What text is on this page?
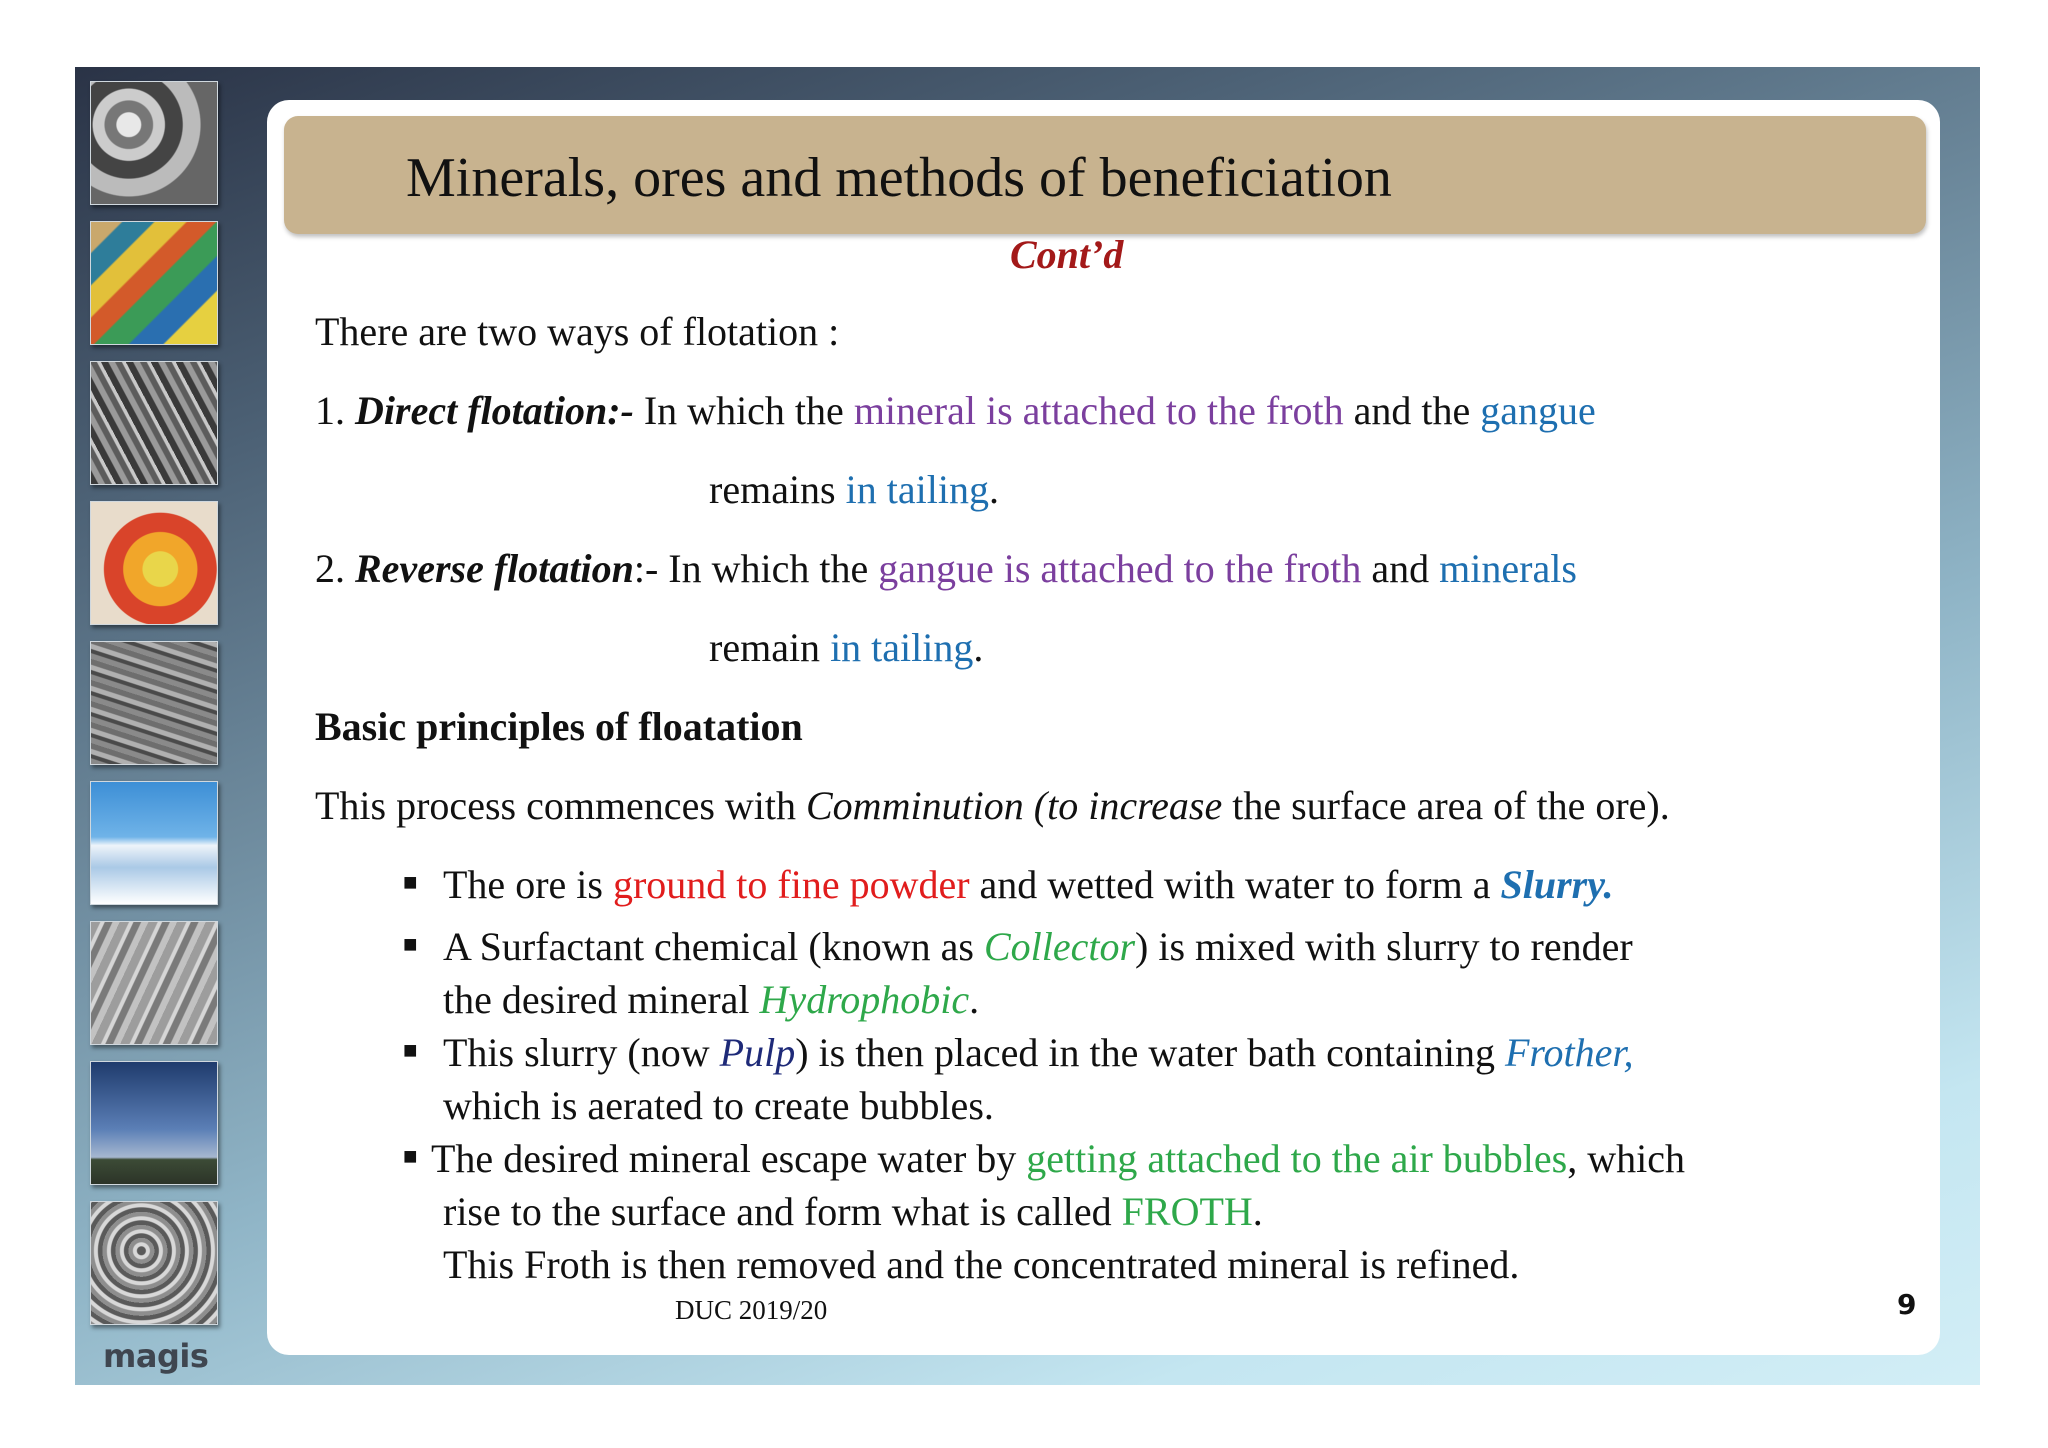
magis
Minerals, ores and methods of beneficiation
Cont’d
There are two ways of flotation :
1. Direct flotation:- In which the mineral is attached to the froth and the gangue
remains in tailing.
2. Reverse flotation:- In which the gangue is attached to the froth and minerals
remain in tailing.
Basic principles of floatation
This process commences with Comminution (to increase the surface area of the ore).
■ The ore is ground to fine powder and wetted with water to form a Slurry.
■ A Surfactant chemical (known as Collector) is mixed with slurry to render
the desired mineral Hydrophobic.
■ This slurry (now Pulp) is then placed in the water bath containing Frother,
which is aerated to create bubbles.
■ The desired mineral escape water by getting attached to the air bubbles, which
rise to the surface and form what is called FROTH.
This Froth is then removed and the concentrated mineral is refined.
DUC 2019/20	9
